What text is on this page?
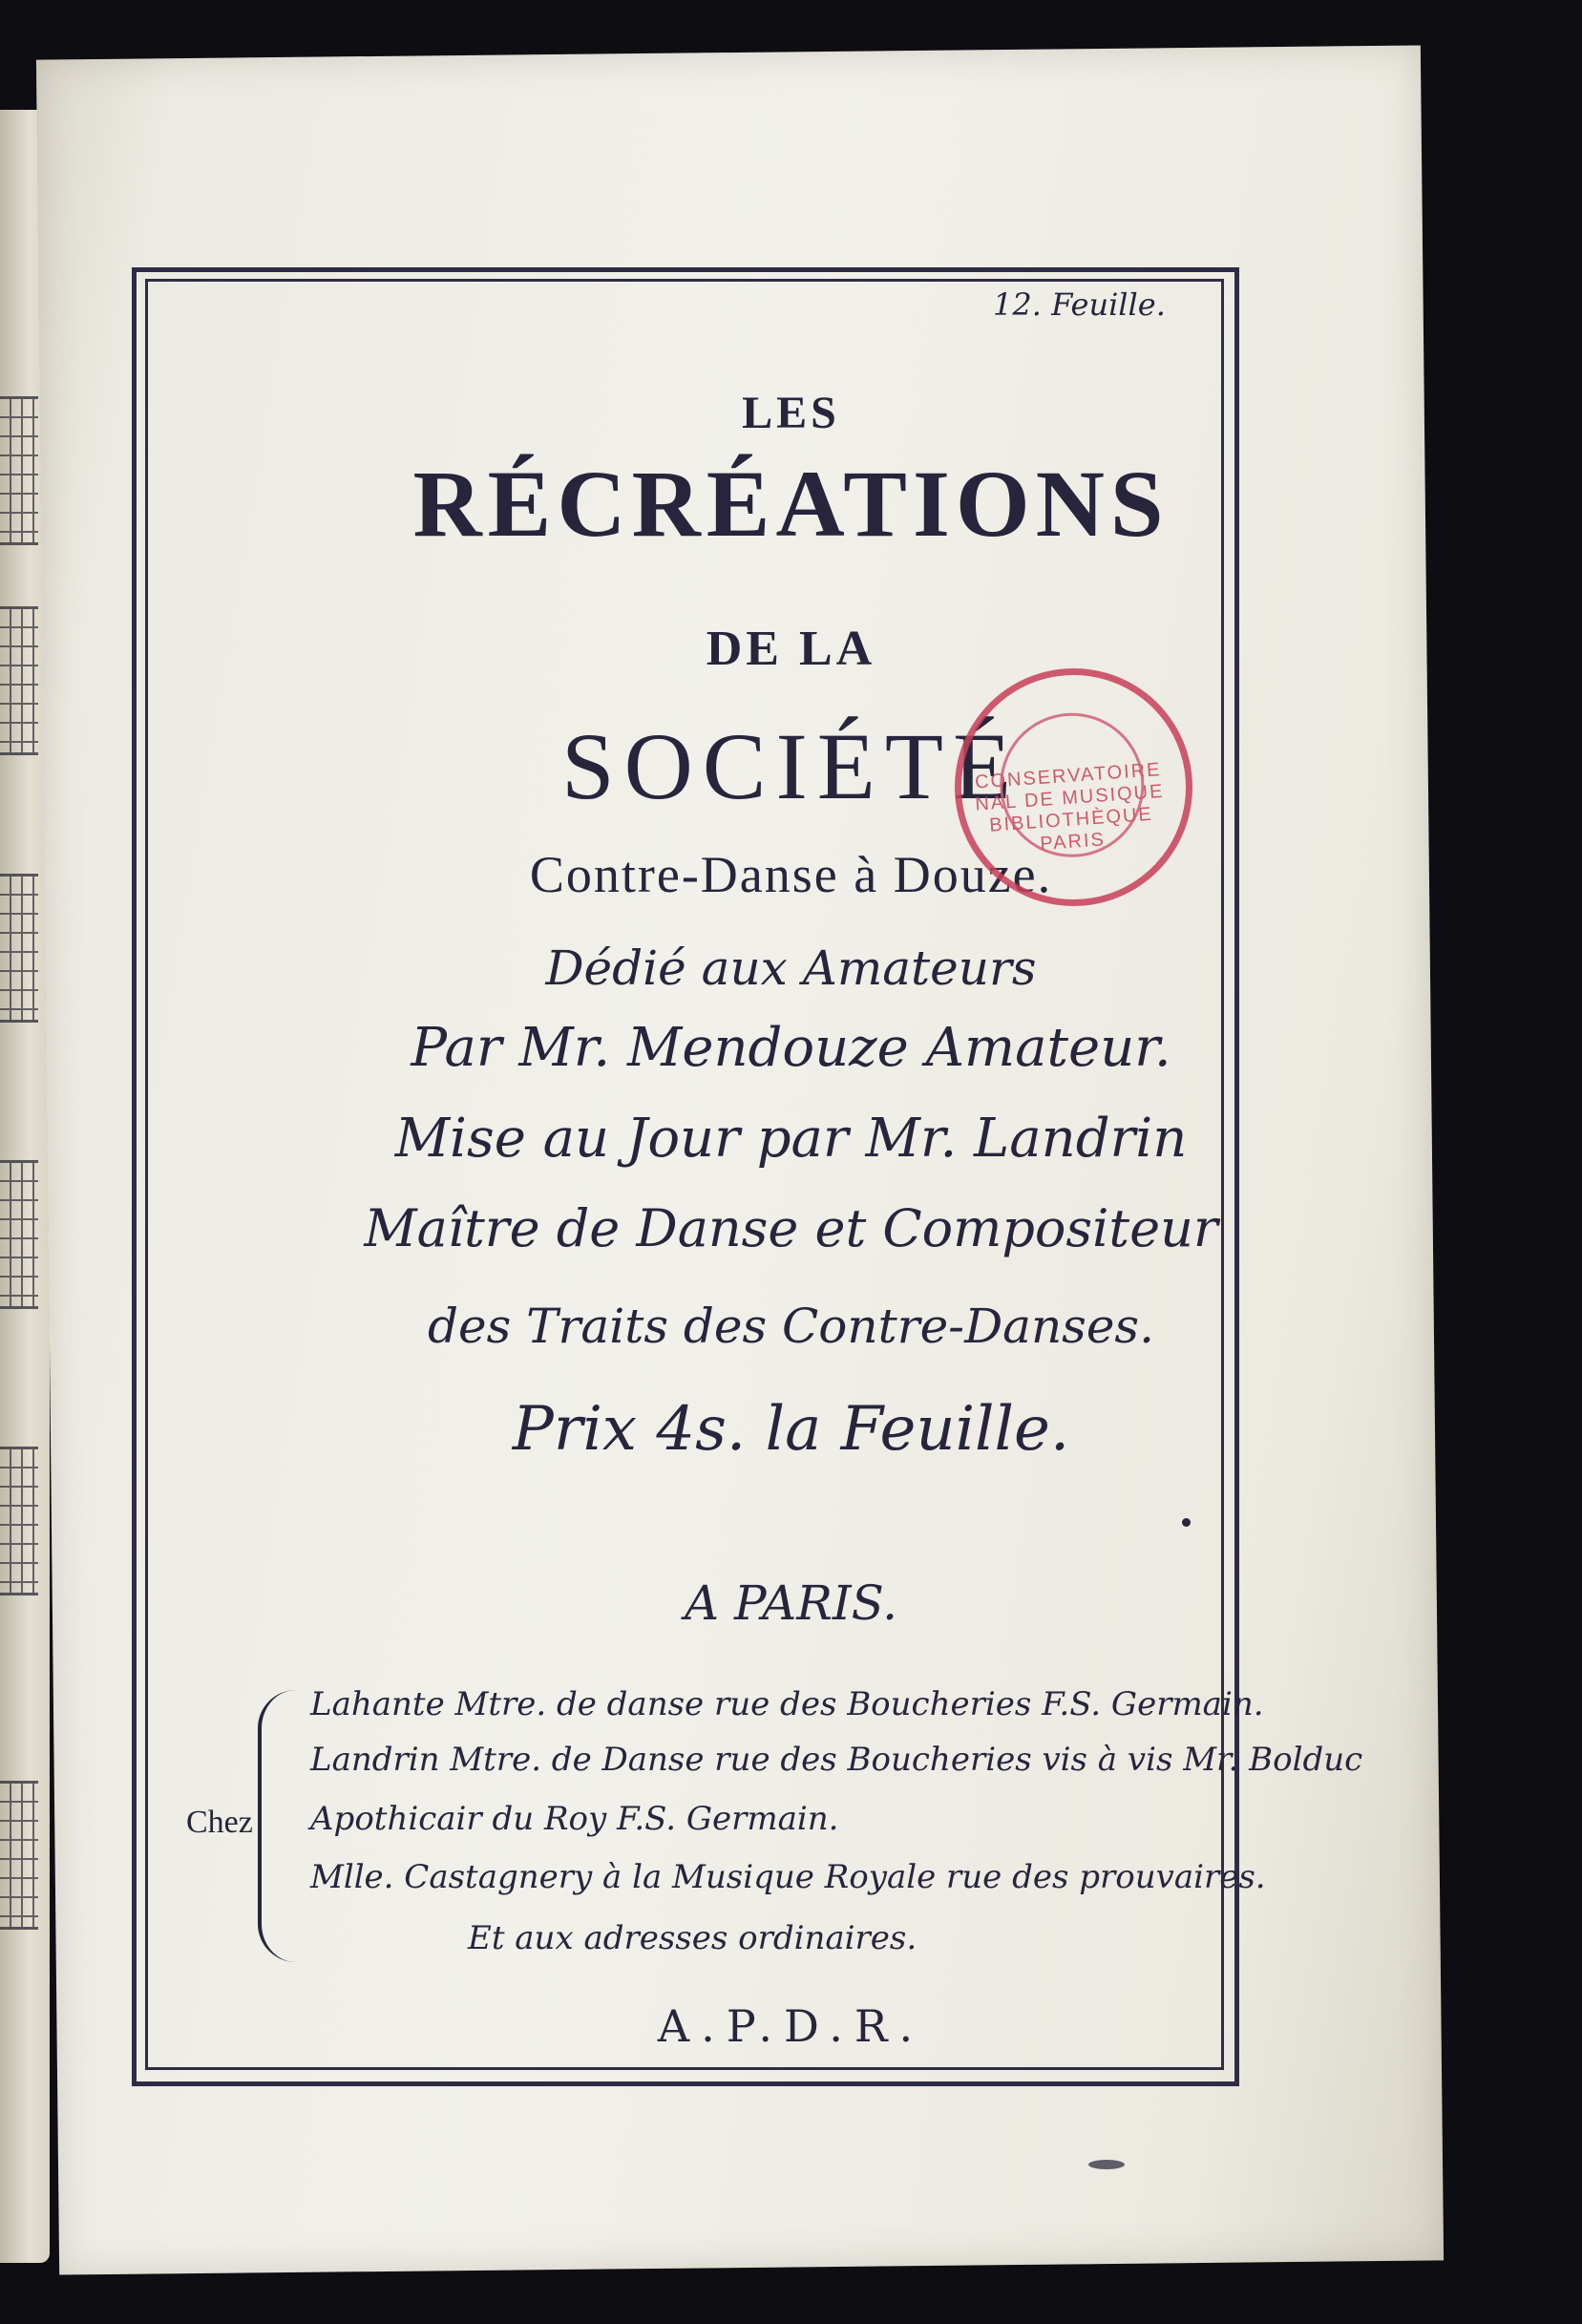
12. Feuille.
LES
RÉCRÉATIONS
DE LA
SOCIÉTÉ
Contre-Danse à Douze.
Dédié aux Amateurs
Par Mr. Mendouze Amateur.
Mise au Jour par Mr. Landrin
Maître de Danse et Compositeur
des Traits des Contre-Danses.
Prix 4s. la Feuille.
A PARIS.
Chez
Lahante Mtre. de danse rue des Boucheries F.S. Germain.
Landrin Mtre. de Danse rue des Boucheries vis à vis Mr. Bolduc
Apothicair du Roy F.S. Germain.
Mlle. Castagnery à la Musique Royale rue des prouvaires.
Et aux adresses ordinaires.
A.P.D.R.
CONSERVATOIRE NAL DE MUSIQUE BIBLIOTHÈQUE PARIS
